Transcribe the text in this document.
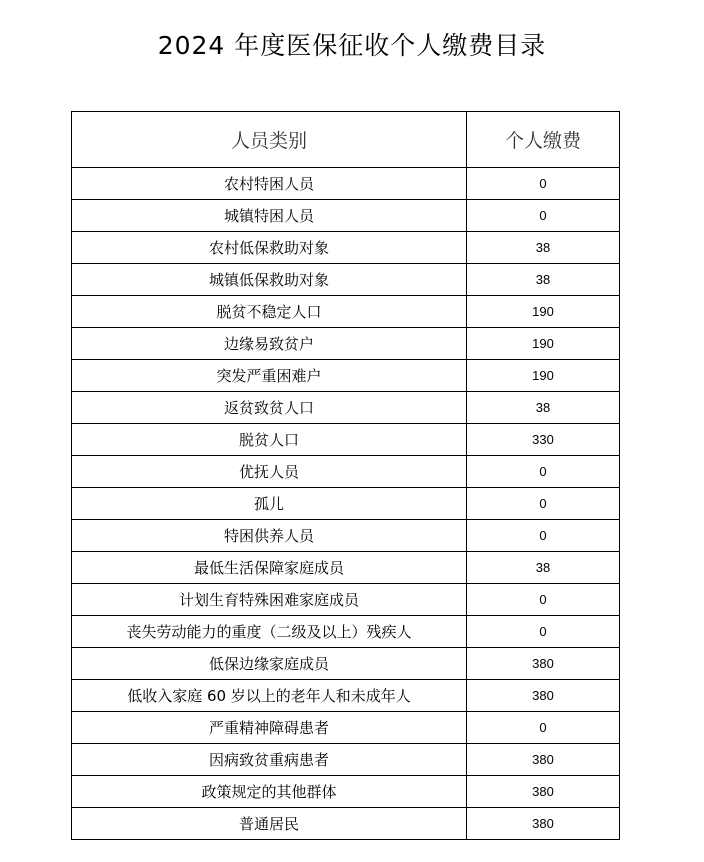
2024 年度医保征收个人缴费目录
人员类别	个人缴费
农村特困人员	0
城镇特困人员	0
农村低保救助对象	38
城镇低保救助对象	38
脱贫不稳定人口	190
边缘易致贫户	190
突发严重困难户	190
返贫致贫人口	38
脱贫人口	330
优抚人员	0
孤儿	0
特困供养人员	0
最低生活保障家庭成员	38
计划生育特殊困难家庭成员	0
丧失劳动能力的重度（二级及以上）残疾人	0
低保边缘家庭成员	380
低收入家庭 60 岁以上的老年人和未成年人	380
严重精神障碍患者	0
因病致贫重病患者	380
政策规定的其他群体	380
普通居民	380
